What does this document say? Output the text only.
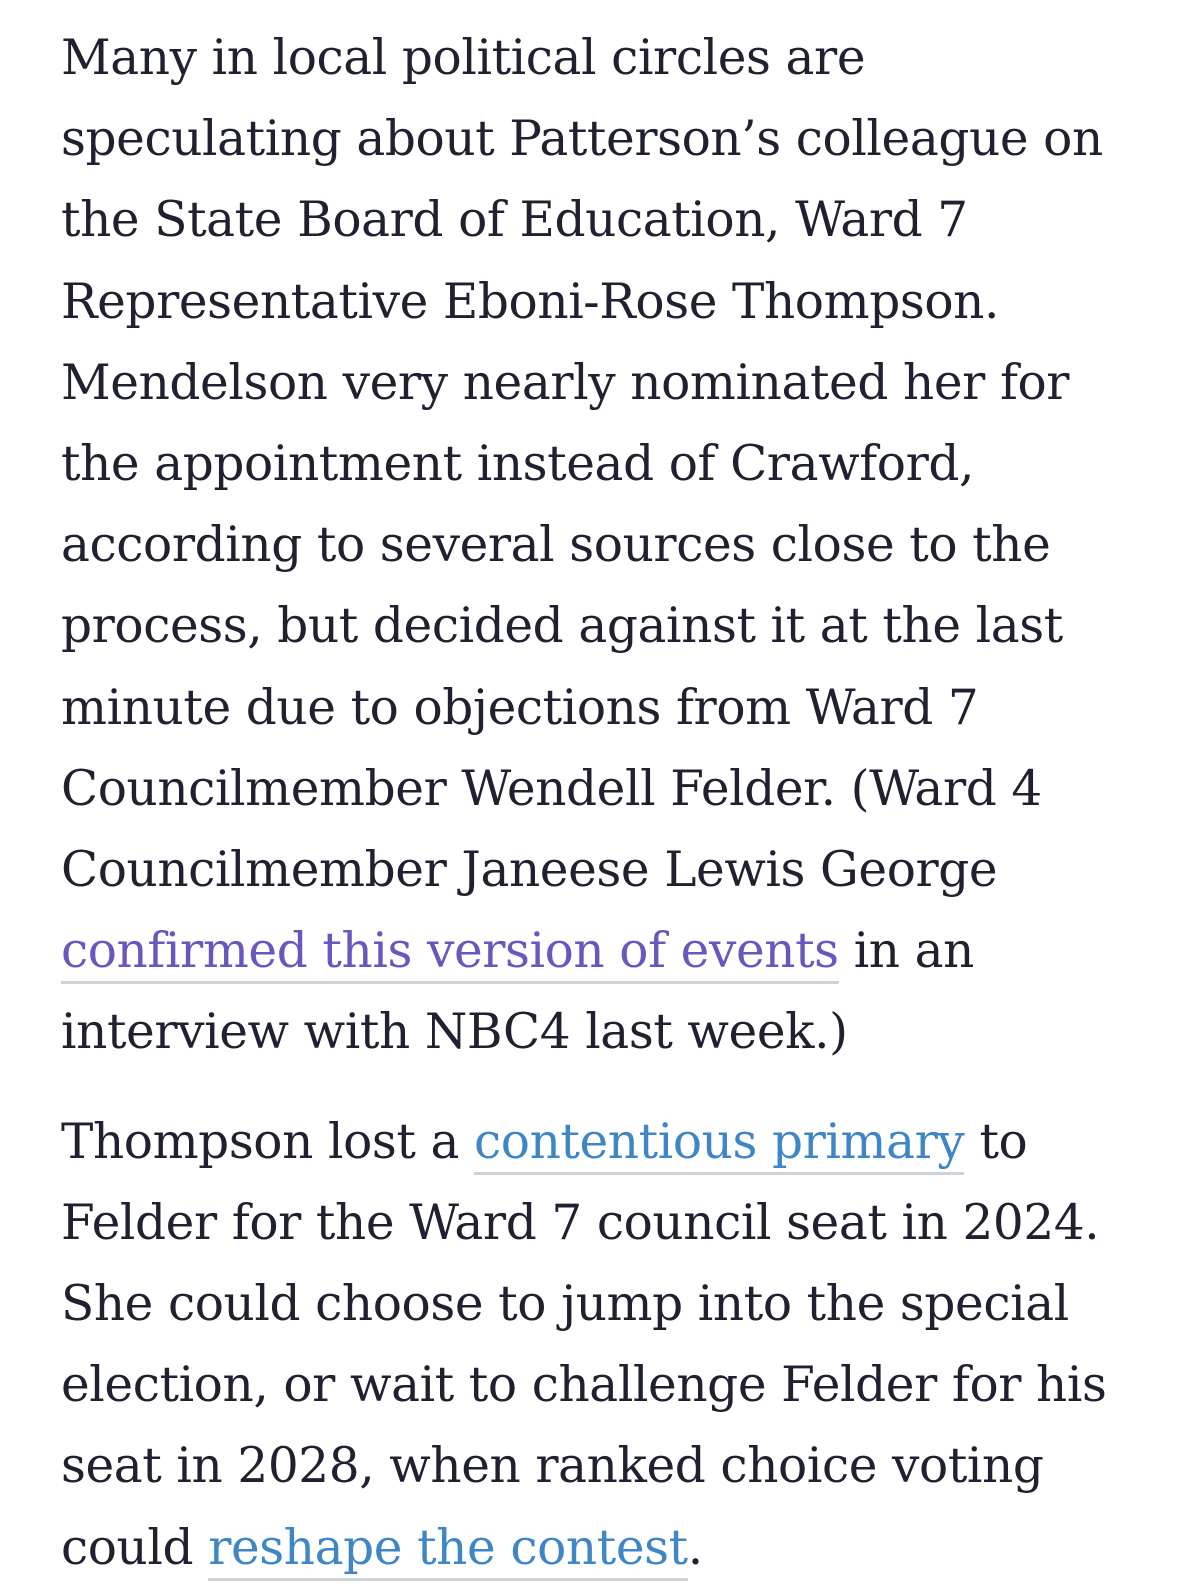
Many in local political circles are speculating about Patterson’s colleague on the State Board of Education, Ward 7 Representative Eboni-Rose Thompson. Mendelson very nearly nominated her for the appointment instead of Crawford, according to several sources close to the process, but decided against it at the last minute due to objections from Ward 7 Councilmember Wendell Felder. (Ward 4 Councilmember Janeese Lewis George confirmed this version of events in an interview with NBC4 last week.)

Thompson lost a contentious primary to Felder for the Ward 7 council seat in 2024. She could choose to jump into the special election, or wait to challenge Felder for his seat in 2028, when ranked choice voting could reshape the contest.
